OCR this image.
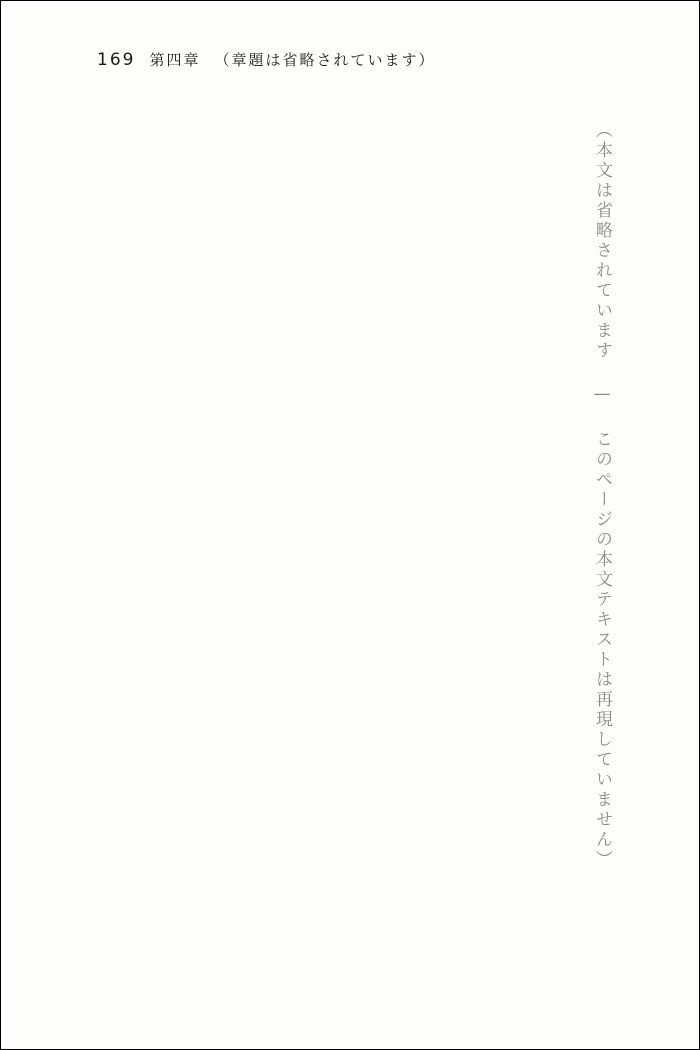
169 第四章 （章題は省略されています）
（本文は省略されています — このページの本文テキストは再現していません）
